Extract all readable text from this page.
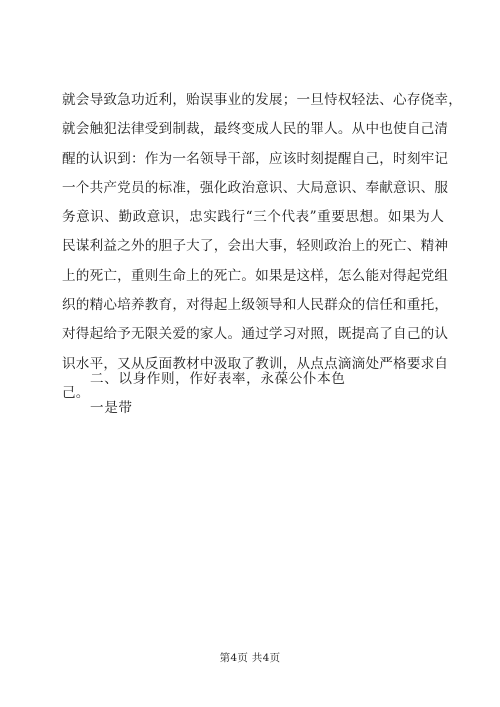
就会导致急功近利，贻误事业的发展；一旦恃权轻法、心存侥幸，
就会触犯法律受到制裁，最终变成人民的罪人。从中也使自己清
醒的认识到：作为一名领导干部，应该时刻提醒自己，时刻牢记
一个共产党员的标准，强化政治意识、大局意识、奉献意识、服
务意识、勤政意识，忠实践行“三个代表”重要思想。如果为人
民谋利益之外的胆子大了，会出大事，轻则政治上的死亡、精神
上的死亡，重则生命上的死亡。如果是这样，怎么能对得起党组
织的精心培养教育，对得起上级领导和人民群众的信任和重托，
对得起给予无限关爱的家人。通过学习对照，既提高了自己的认
识水平，又从反面教材中汲取了教训，从点点滴滴处严格要求自
己。
二、以身作则，作好表率，永葆公仆本色
一是带
第4页 共4页
